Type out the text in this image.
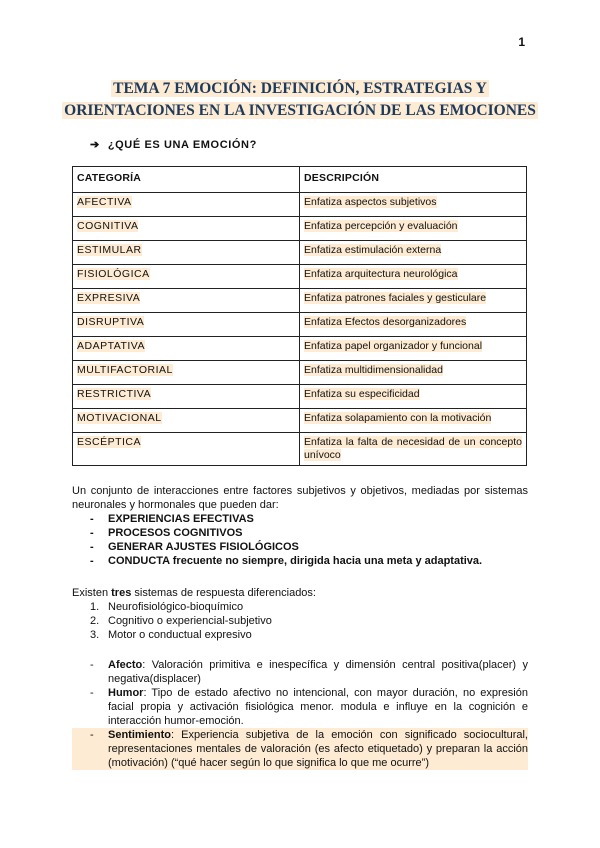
1
TEMA 7 EMOCIÓN: DEFINICIÓN, ESTRATEGIAS Y
ORIENTACIONES EN LA INVESTIGACIÓN DE LAS EMOCIONES
➔ ¿QUÉ ES UNA EMOCIÓN?
CATEGORÍA	DESCRIPCIÓN
AFECTIVA	Enfatiza aspectos subjetivos
COGNITIVA	Enfatiza percepción y evaluación
ESTIMULAR	Enfatiza estimulación externa
FISIOLÓGICA	Enfatiza arquitectura neurológica
EXPRESIVA	Enfatiza patrones faciales y gesticulare
DISRUPTIVA	Enfatiza Efectos desorganizadores
ADAPTATIVA	Enfatiza papel organizador y funcional
MULTIFACTORIAL	Enfatiza multidimensionalidad
RESTRICTIVA	Enfatiza su especificidad
MOTIVACIONAL	Enfatiza solapamiento con la motivación
ESCÉPTICA	Enfatiza la falta de necesidad de un concepto unívoco
Un conjunto de interacciones entre factores subjetivos y objetivos, mediadas por sistemas neuronales y hormonales que pueden dar:
- EXPERIENCIAS EFECTIVAS
- PROCESOS COGNITIVOS
- GENERAR AJUSTES FISIOLÓGICOS
- CONDUCTA frecuente no siempre, dirigida hacia una meta y adaptativa.
Existen tres sistemas de respuesta diferenciados:
1. Neurofisiológico-bioquímico
2. Cognitivo o experiencial-subjetivo
3. Motor o conductual expresivo
- Afecto: Valoración primitiva e inespecífica y dimensión central positiva(placer) y negativa(displacer)
- Humor: Tipo de estado afectivo no intencional, con mayor duración, no expresión facial propia y activación fisiológica menor. modula e influye en la cognición e interacción humor-emoción.
- Sentimiento: Experiencia subjetiva de la emoción con significado sociocultural, representaciones mentales de valoración (es afecto etiquetado) y preparan la acción (motivación) (“qué hacer según lo que significa lo que me ocurre”)
